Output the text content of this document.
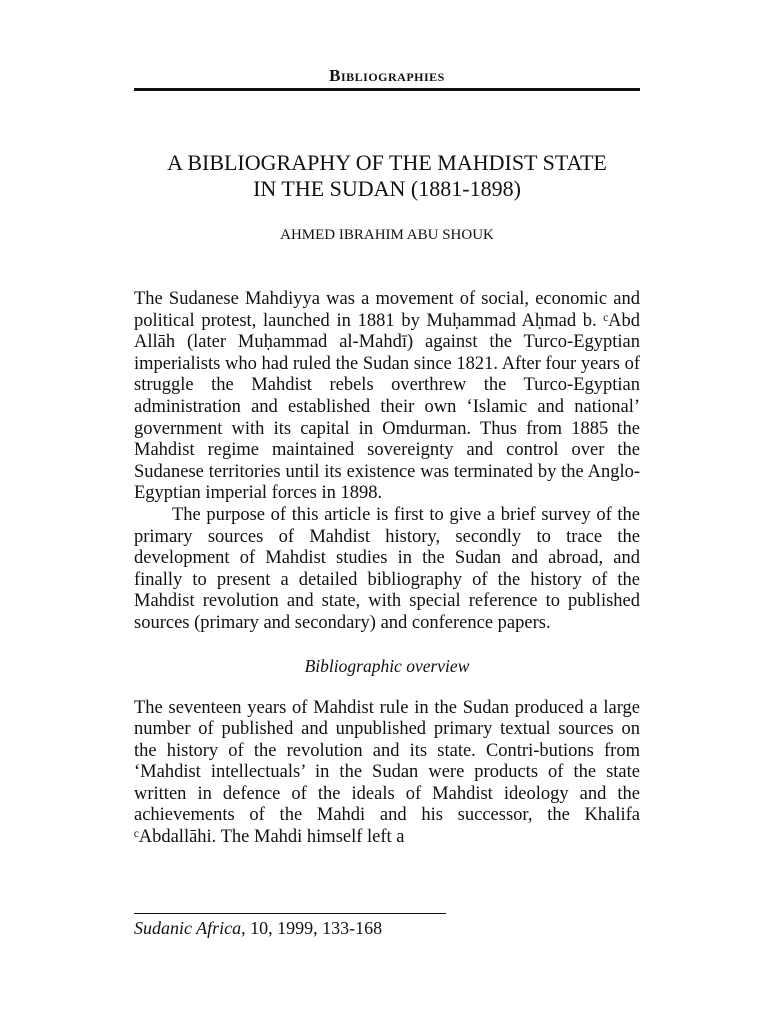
Bibliographies
A BIBLIOGRAPHY OF THE MAHDIST STATE
IN THE SUDAN (1881-1898)
AHMED IBRAHIM ABU SHOUK

The Sudanese Mahdiyya was a movement of social, economic and political protest, launched in 1881 by Muḥammad Aḥmad b. ᶜAbd Allāh (later Muḥammad al-Mahdī) against the Turco-Egyptian imperialists who had ruled the Sudan since 1821. After four years of struggle the Mahdist rebels overthrew the Turco-Egyptian administration and established their own ‘Islamic and national’ government with its capital in Omdurman. Thus from 1885 the Mahdist regime maintained sovereignty and control over the Sudanese territories until its existence was terminated by the Anglo-Egyptian imperial forces in 1898.

The purpose of this article is first to give a brief survey of the primary sources of Mahdist history, secondly to trace the development of Mahdist studies in the Sudan and abroad, and finally to present a detailed bibliography of the history of the Mahdist revolution and state, with special reference to published sources (primary and secondary) and conference papers.

Bibliographic overview

The seventeen years of Mahdist rule in the Sudan produced a large number of published and unpublished primary textual sources on the history of the revolution and its state. Contri-butions from ‘Mahdist intellectuals’ in the Sudan were products of the state written in defence of the ideals of Mahdist ideology and the achievements of the Mahdi and his successor, the Khalifa ᶜAbdallāhi. The Mahdi himself left a

Sudanic Africa, 10, 1999, 133-168
